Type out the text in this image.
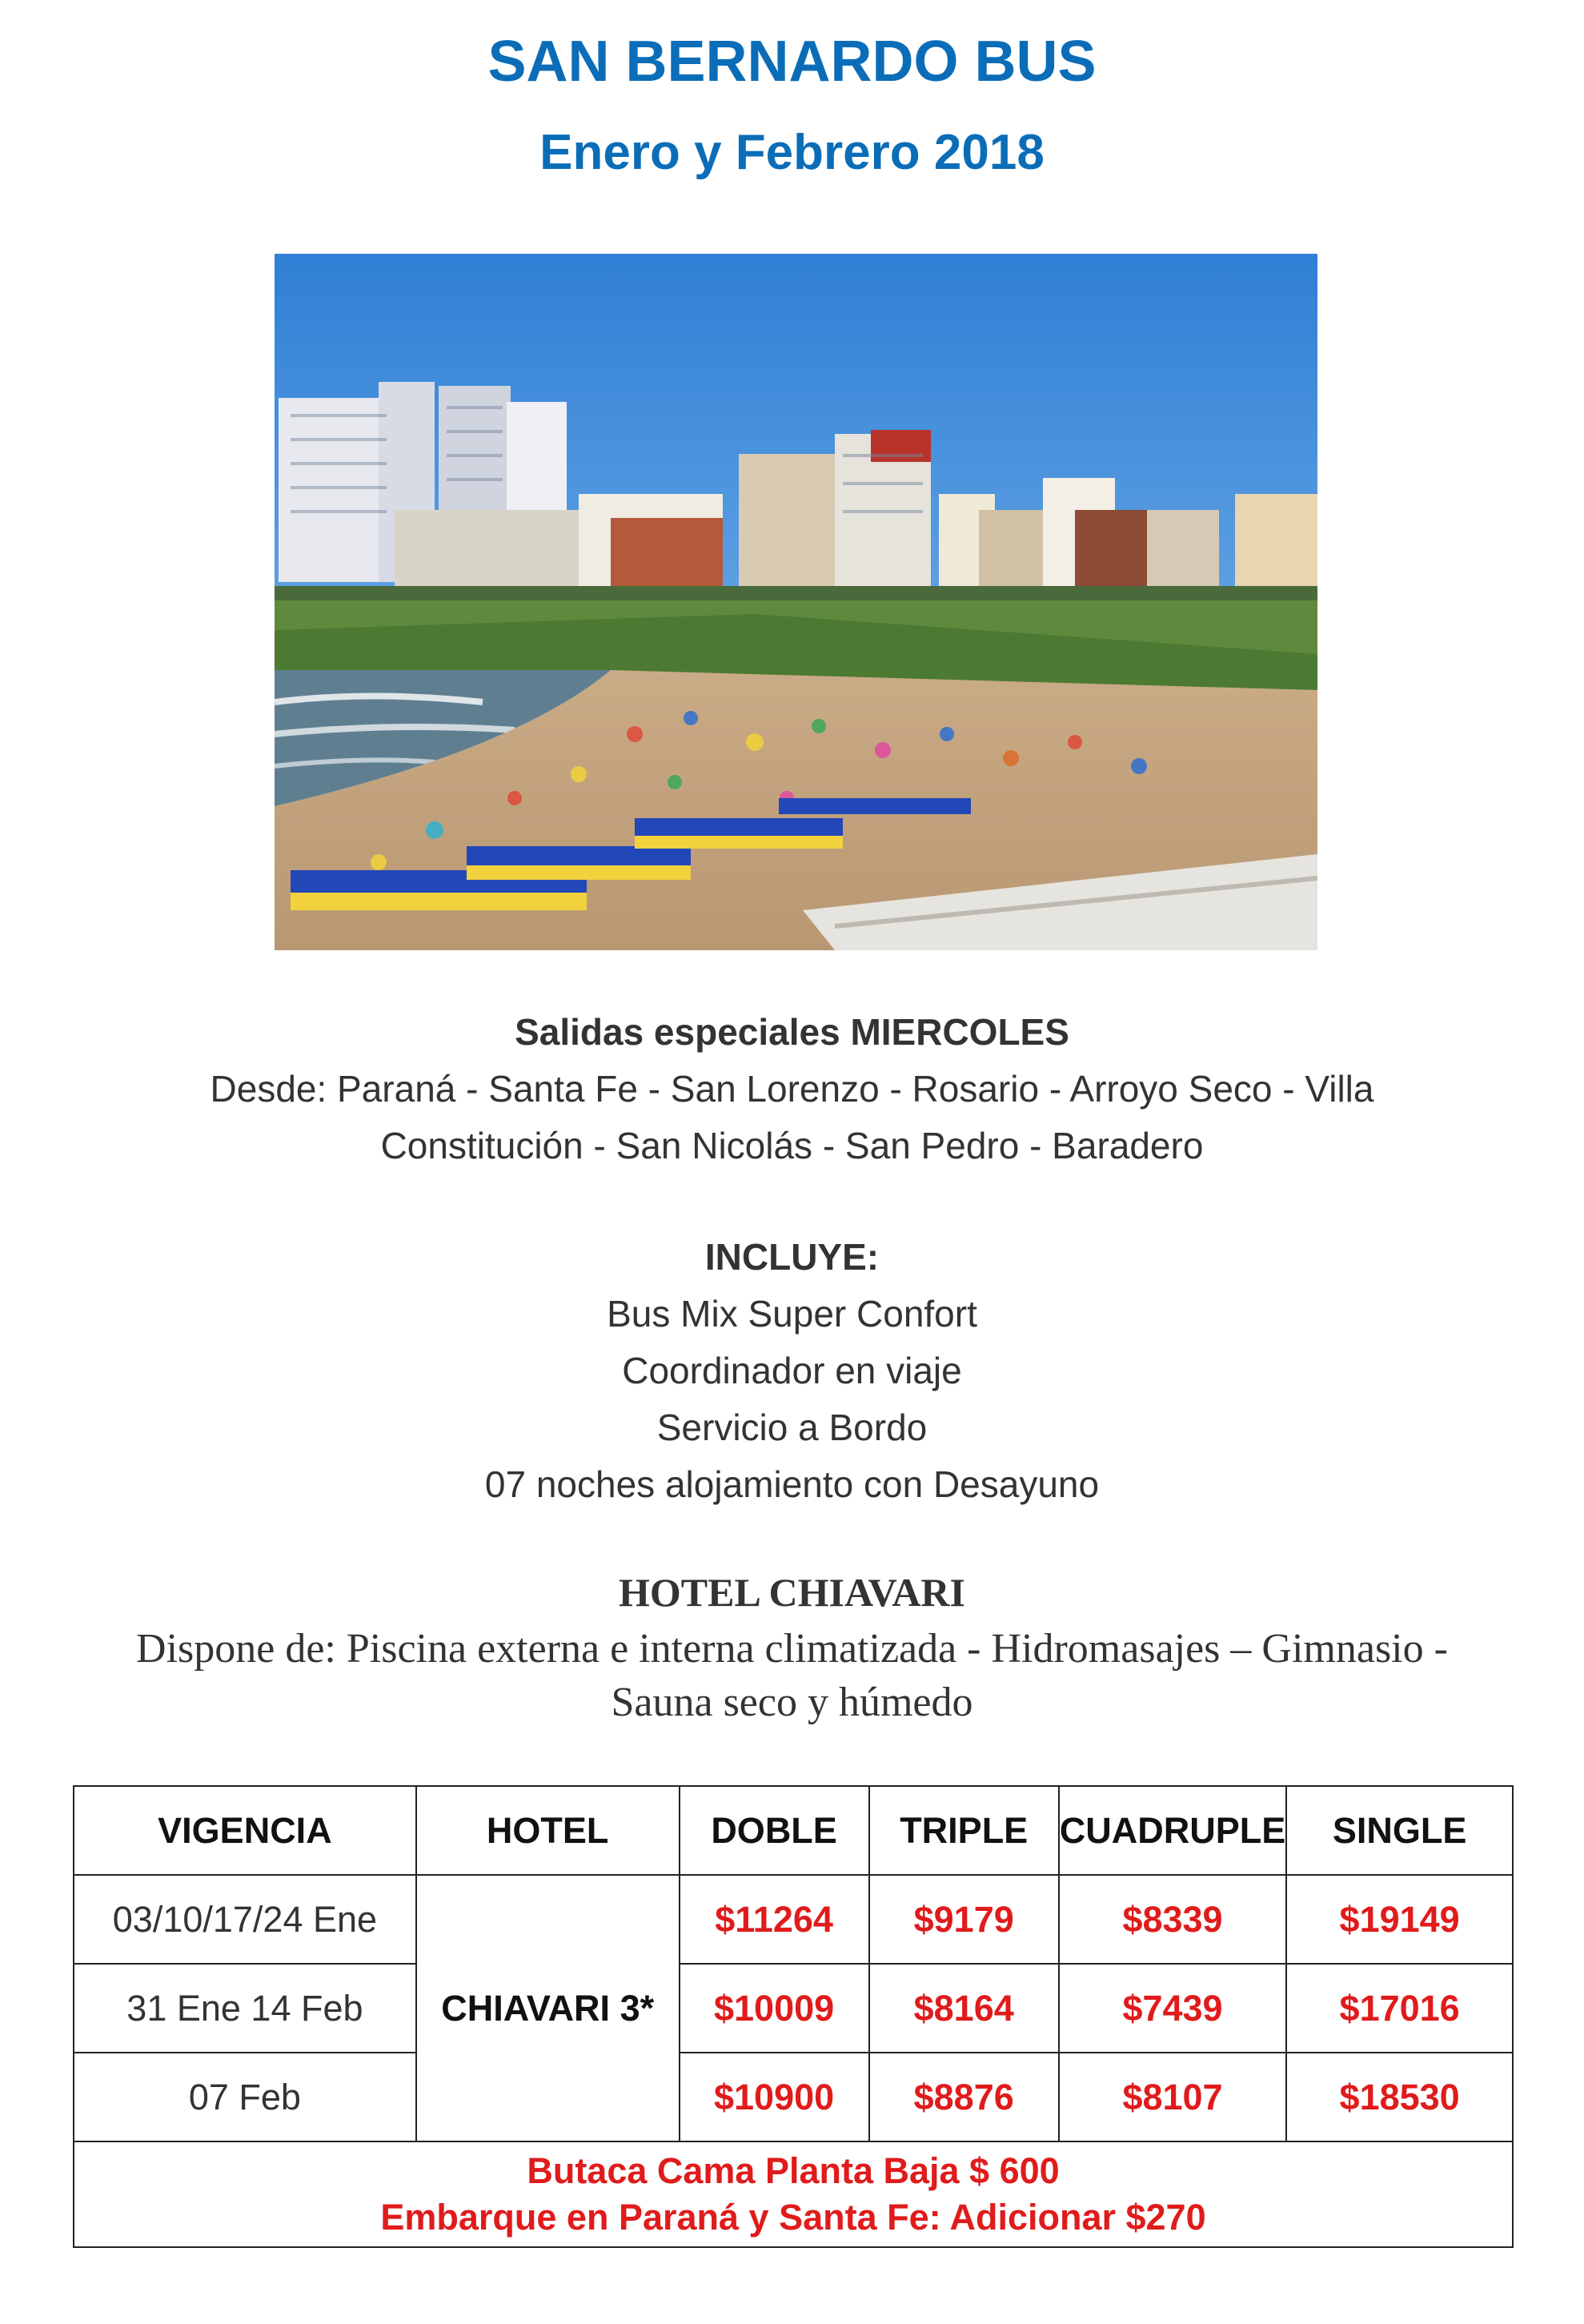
SAN BERNARDO BUS
Enero y Febrero 2018
Salidas especiales MIERCOLES
Desde: Paraná - Santa Fe - San Lorenzo - Rosario - Arroyo Seco - Villa
Constitución - San Nicolás - San Pedro - Baradero
INCLUYE:
Bus Mix Super Confort
Coordinador en viaje
Servicio a Bordo
07 noches alojamiento con Desayuno
HOTEL CHIAVARI
Dispone de: Piscina externa e interna climatizada - Hidromasajes – Gimnasio -
Sauna seco y húmedo
VIGENCIA	HOTEL	DOBLE	TRIPLE	CUADRUPLE	SINGLE
03/10/17/24 Ene	CHIAVARI 3*	$11264	$9179	$8339	$19149
31 Ene 14 Feb		$10009	$8164	$7439	$17016
07 Feb		$10900	$8876	$8107	$18530

Butaca Cama Planta Baja $ 600
Embarque en Paraná y Santa Fe: Adicionar $270					
